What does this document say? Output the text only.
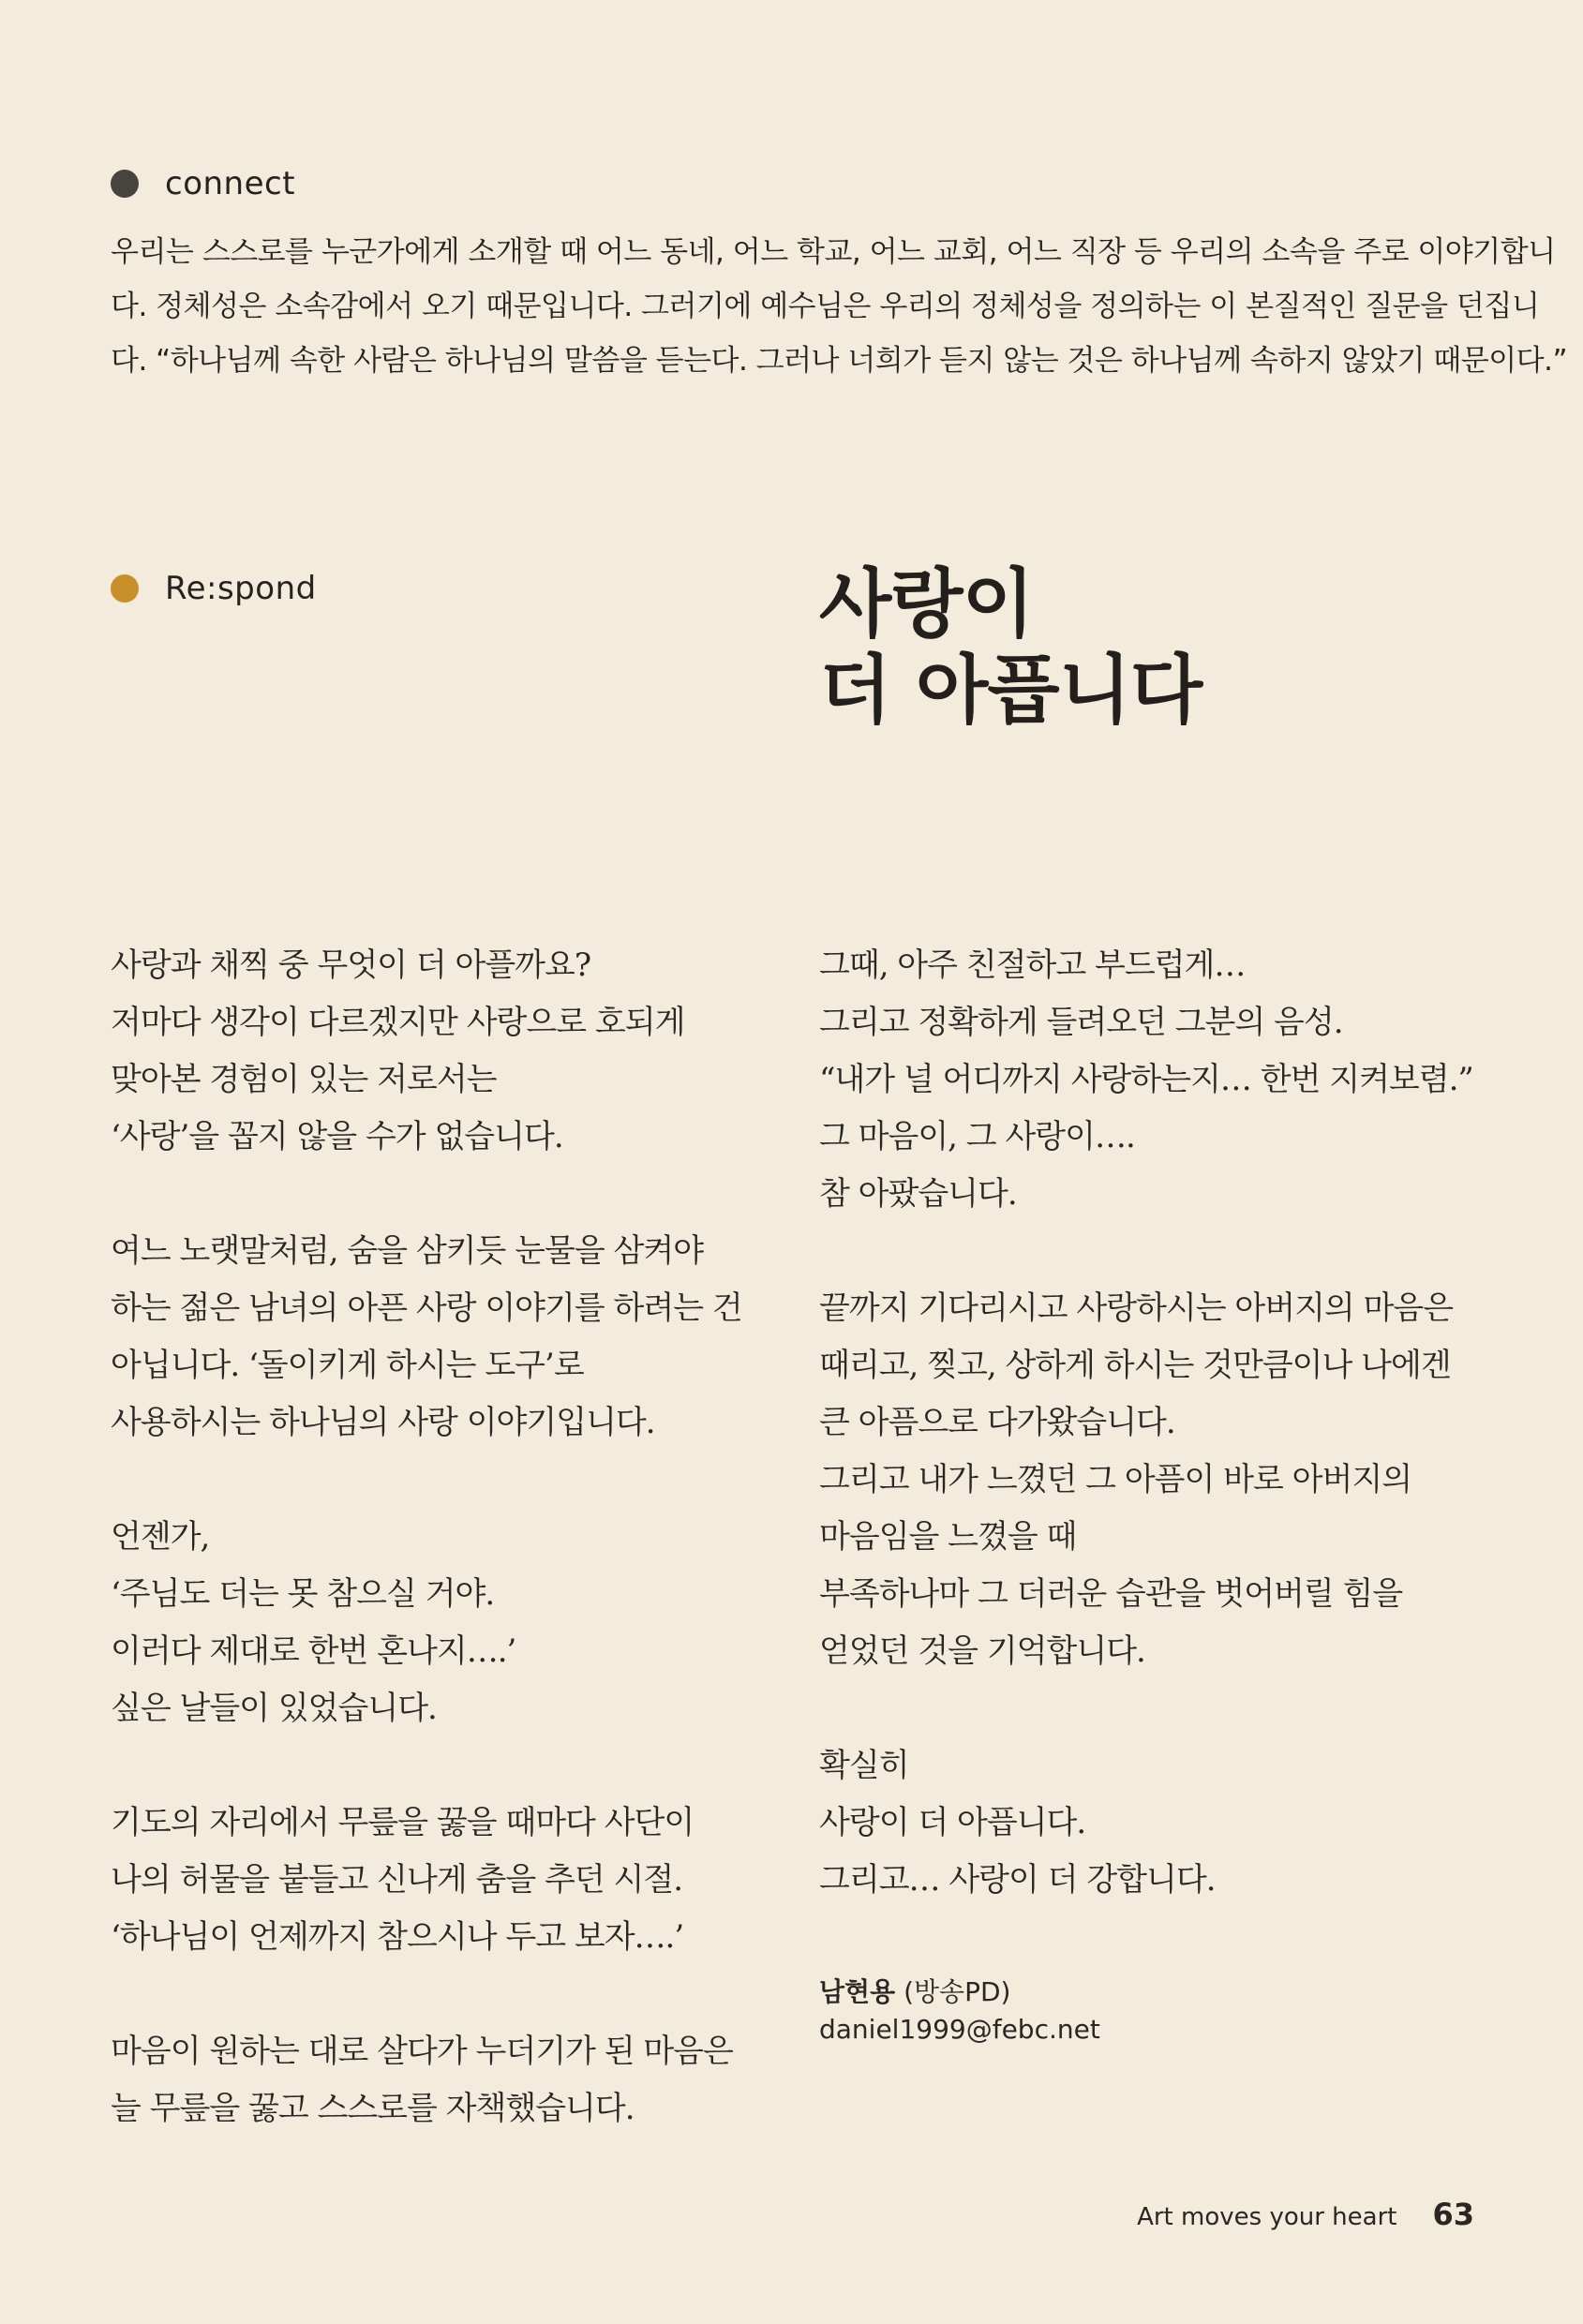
connect
우리는 스스로를 누군가에게 소개할 때 어느 동네, 어느 학교, 어느 교회, 어느 직장 등 우리의 소속을 주로 이야기합니
다. 정체성은 소속감에서 오기 때문입니다. 그러기에 예수님은 우리의 정체성을 정의하는 이 본질적인 질문을 던집니
다. “하나님께 속한 사람은 하나님의 말씀을 듣는다. 그러나 너희가 듣지 않는 것은 하나님께 속하지 않았기 때문이다.”
Re:spond	사랑이
더 아픕니다

사랑과 채찍 중 무엇이 더 아플까요?
저마다 생각이 다르겠지만 사랑으로 호되게
맞아본 경험이 있는 저로서는
‘사랑’을 꼽지 않을 수가 없습니다.

여느 노랫말처럼, 숨을 삼키듯 눈물을 삼켜야
하는 젊은 남녀의 아픈 사랑 이야기를 하려는 건
아닙니다. ‘돌이키게 하시는 도구’로
사용하시는 하나님의 사랑 이야기입니다.

언젠가,
‘주님도 더는 못 참으실 거야.
이러다 제대로 한번 혼나지….’
싶은 날들이 있었습니다.

기도의 자리에서 무릎을 꿇을 때마다 사단이
나의 허물을 붙들고 신나게 춤을 추던 시절.
‘하나님이 언제까지 참으시나 두고 보자….’

마음이 원하는 대로 살다가 누더기가 된 마음은
늘 무릎을 꿇고 스스로를 자책했습니다.

그때, 아주 친절하고 부드럽게…
그리고 정확하게 들려오던 그분의 음성.
“내가 널 어디까지 사랑하는지… 한번 지켜보렴.”
그 마음이, 그 사랑이….
참 아팠습니다.

끝까지 기다리시고 사랑하시는 아버지의 마음은
때리고, 찢고, 상하게 하시는 것만큼이나 나에겐
큰 아픔으로 다가왔습니다.
그리고 내가 느꼈던 그 아픔이 바로 아버지의
마음임을 느꼈을 때
부족하나마 그 더러운 습관을 벗어버릴 힘을
얻었던 것을 기억합니다.

확실히
사랑이 더 아픕니다.
그리고… 사랑이 더 강합니다.

남현용 (방송PD)
daniel1999@febc.net
Art moves your heart 63
